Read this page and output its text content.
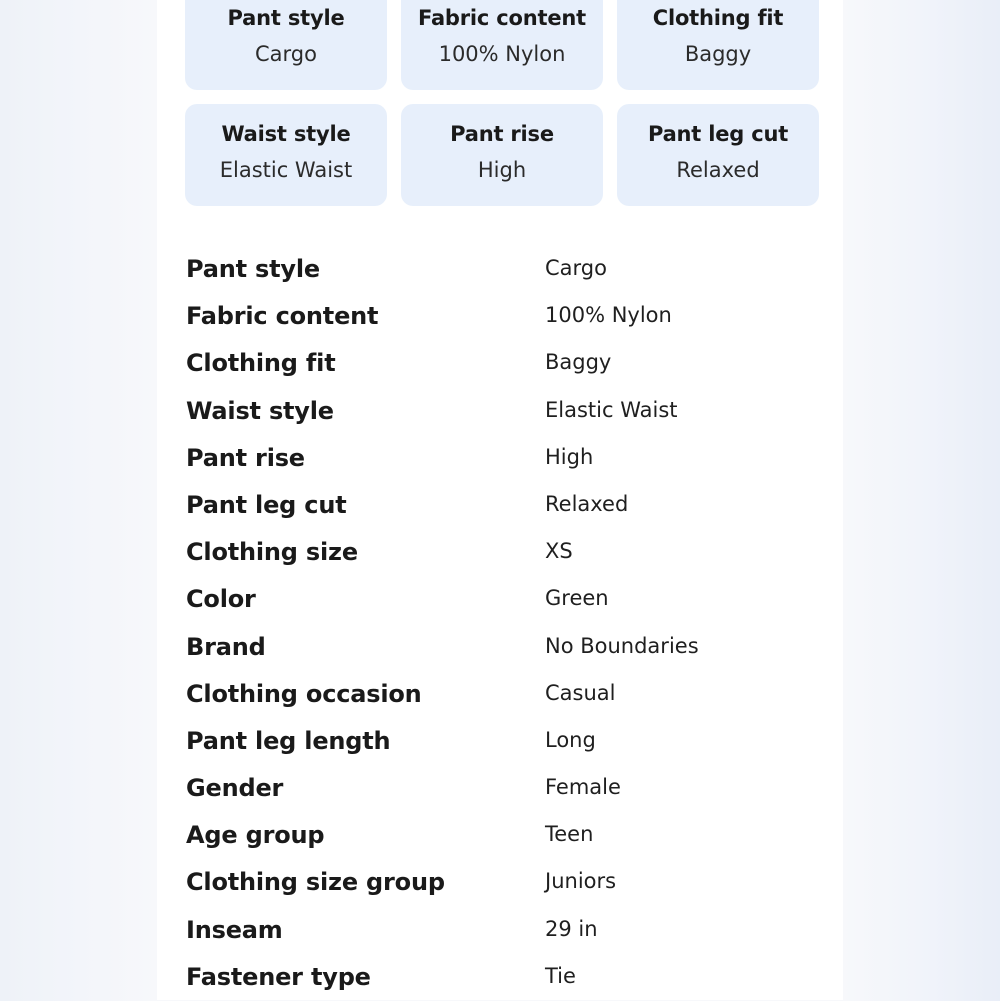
Pant style
Cargo
Fabric content
100% Nylon
Clothing fit
Baggy
Waist style
Elastic Waist
Pant rise
High
Pant leg cut
Relaxed
Pant style	Cargo
Fabric content	100% Nylon
Clothing fit	Baggy
Waist style	Elastic Waist
Pant rise	High
Pant leg cut	Relaxed
Clothing size	XS
Color	Green
Brand	No Boundaries
Clothing occasion	Casual
Pant leg length	Long
Gender	Female
Age group	Teen
Clothing size group	Juniors
Inseam	29 in
Fastener type	Tie
